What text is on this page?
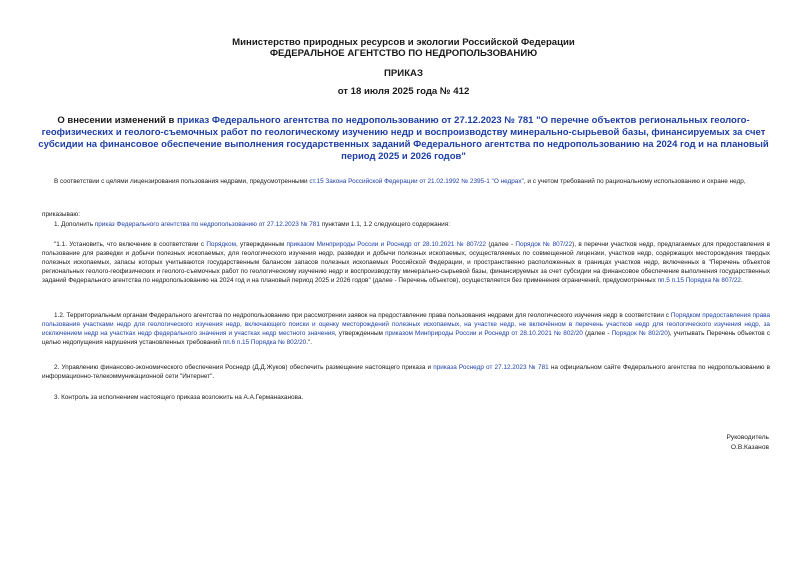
Министерство природных ресурсов и экологии Российской Федерации
ФЕДЕРАЛЬНОЕ АГЕНТСТВО ПО НЕДРОПОЛЬЗОВАНИЮ
ПРИКАЗ
от 18 июля 2025 года № 412
О внесении изменений в приказ Федерального агентства по недропользованию от 27.12.2023 № 781 "О перечне объектов региональных геолого-геофизических и геолого-съемочных работ по геологическому изучению недр и воспроизводству минерально-сырьевой базы, финансируемых за счет субсидии на финансовое обеспечение выполнения государственных заданий Федерального агентства по недропользованию на 2024 год и на плановый период 2025 и 2026 годов"
В соответствии с целями лицензирования пользования недрами, предусмотренными ст.15 Закона Российской Федерации от 21.02.1992 № 2395-1 "О недрах", и с учетом требований по рациональному использованию и охране недр,
приказываю:
1. Дополнить приказ Федерального агентства по недропользованию от 27.12.2023 № 781 пунктами 1.1, 1.2 следующего содержания:
"1.1. Установить, что включение в соответствии с Порядком, утвержденным приказом Минприроды России и Роснедр от 28.10.2021 № 807/22 (далее - Порядок № 807/22), в перечни участков недр, предлагаемых для предоставления в пользование для разведки и добычи полезных ископаемых, для геологического изучения недр, разведки и добычи полезных ископаемых, осуществляемых по совмещенной лицензии, участков недр, содержащих месторождения твердых полезных ископаемых, запасы которых учитываются государственным балансом запасов полезных ископаемых Российской Федерации, и пространственно расположенных в границах участков недр, включенных в "Перечень объектов региональных геолого-геофизических и геолого-съемочных работ по геологическому изучению недр и воспроизводству минерально-сырьевой базы, финансируемых за счет субсидии на финансовое обеспечение выполнения государственных заданий Федерального агентства по недропользованию на 2024 год и на плановый период 2025 и 2026 годов" (далее - Перечень объектов), осуществляется без применения ограничений, предусмотренных пп.5 п.15 Порядка № 807/22.
1.2. Территориальным органам Федерального агентства по недропользованию при рассмотрении заявок на предоставление права пользования недрами для геологического изучения недр в соответствии с Порядком предоставления права пользования участками недр для геологического изучения недр, включающего поиски и оценку месторождений полезных ископаемых, на участке недр, не включённом в перечень участков недр для геологического изучения недр, за исключением недр на участках недр федерального значения и участках недр местного значения, утвержденным приказом Минприроды России и Роснедр от 28.10.2021 № 802/20 (далее - Порядок № 802/20), учитывать Перечень объектов с целью недопущения нарушения установленных требований пп.6 п.15 Порядка № 802/20.".
2. Управлению финансово-экономического обеспечения Роснедр (Д.Д.Жуков) обеспечить размещение настоящего приказа и приказа Роснедр от 27.12.2023 № 781 на официальном сайте Федерального агентства по недропользованию в информационно-телекоммуникационной сети "Интернет".
3. Контроль за исполнением настоящего приказа возложить на А.А.Германаханова.
Руководитель
О.В.Казанов
